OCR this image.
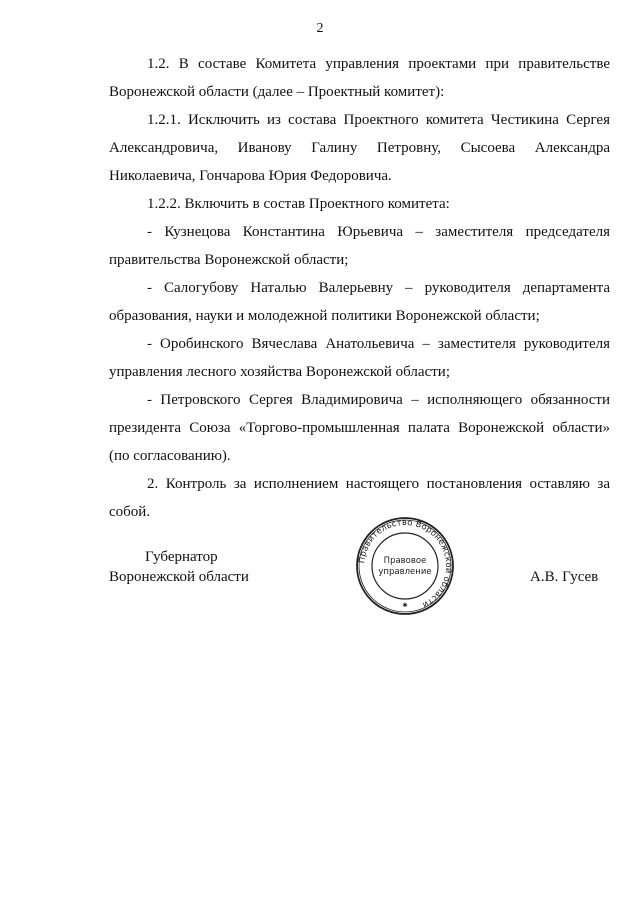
2

1.2. В составе Комитета управления проектами при правительстве Воронежской области (далее – Проектный комитет):

1.2.1. Исключить из состава Проектного комитета Честикина Сергея Александровича, Иванову Галину Петровну, Сысоева Александра Николаевича, Гончарова Юрия Федоровича.

1.2.2. Включить в состав Проектного комитета:

- Кузнецова Константина Юрьевича – заместителя председателя правительства Воронежской области;

- Салогубову Наталью Валерьевну – руководителя департамента образования, науки и молодежной политики Воронежской области;

- Оробинского Вячеслава Анатольевича – заместителя руководителя управления лесного хозяйства Воронежской области;

- Петровского Сергея Владимировича – исполняющего обязанности президента Союза «Торгово-промышленная палата Воронежской области» (по согласованию).

2. Контроль за исполнением настоящего постановления оставляю за собой.

Губернатор
Воронежской области
Правительство Воронежской области
Правовое
управление
✱
А.В. Гусев
